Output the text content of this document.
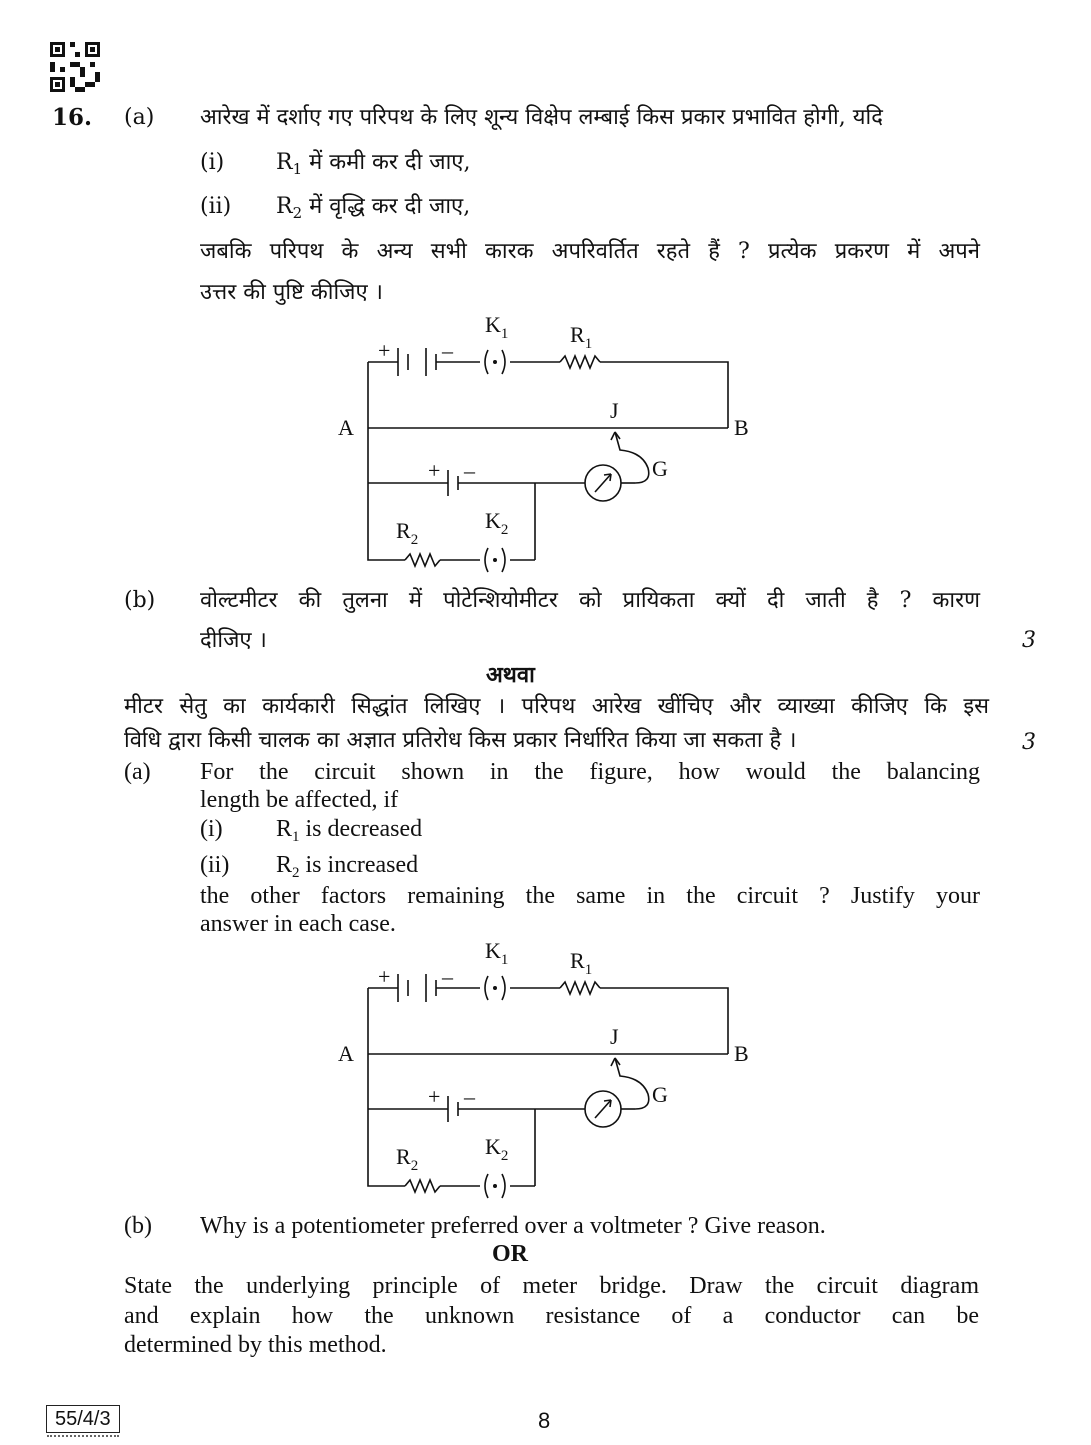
16. (a) आरेख में दर्शाए गए परिपथ के लिए शून्य विक्षेप लम्बाई किस प्रकार प्रभावित होगी, यदि
(i) $R_1$ में कमी कर दी जाए,
(ii) $R_2$ में वृद्धि कर दी जाए,
जबकि परिपथ के अन्य सभी कारक अपरिवर्तित रहते हैं ? प्रत्येक प्रकरण में अपने
उत्तर की पुष्टि कीजिए ।
+ –
$K_1$	$R_1$
A	B
J
G
+ –
$R_2$
$K_2$
(b) वोल्टमीटर की तुलना में पोटेन्शियोमीटर को प्रायिकता क्यों दी जाती है ? कारण
दीजिए ।	3
अथवा
मीटर सेतु का कार्यकारी सिद्धांत लिखिए । परिपथ आरेख खींचिए और व्याख्या कीजिए कि इस
विधि द्वारा किसी चालक का अज्ञात प्रतिरोध किस प्रकार निर्धारित किया जा सकता है ।	3
(a) For the circuit shown in the figure, how would the balancing
length be affected, if
(i) $R_1$ is decreased
(ii) $R_2$ is increased
the other factors remaining the same in the circuit ? Justify your
answer in each case.
+ –
$K_1$	$R_1$
A	B
J
G
+ –
$R_2$
$K_2$
(b) Why is a potentiometer preferred over a voltmeter ? Give reason.
OR
State the underlying principle of meter bridge. Draw the circuit diagram
and explain how the unknown resistance of a conductor can be
determined by this method.
55/4/3	8
